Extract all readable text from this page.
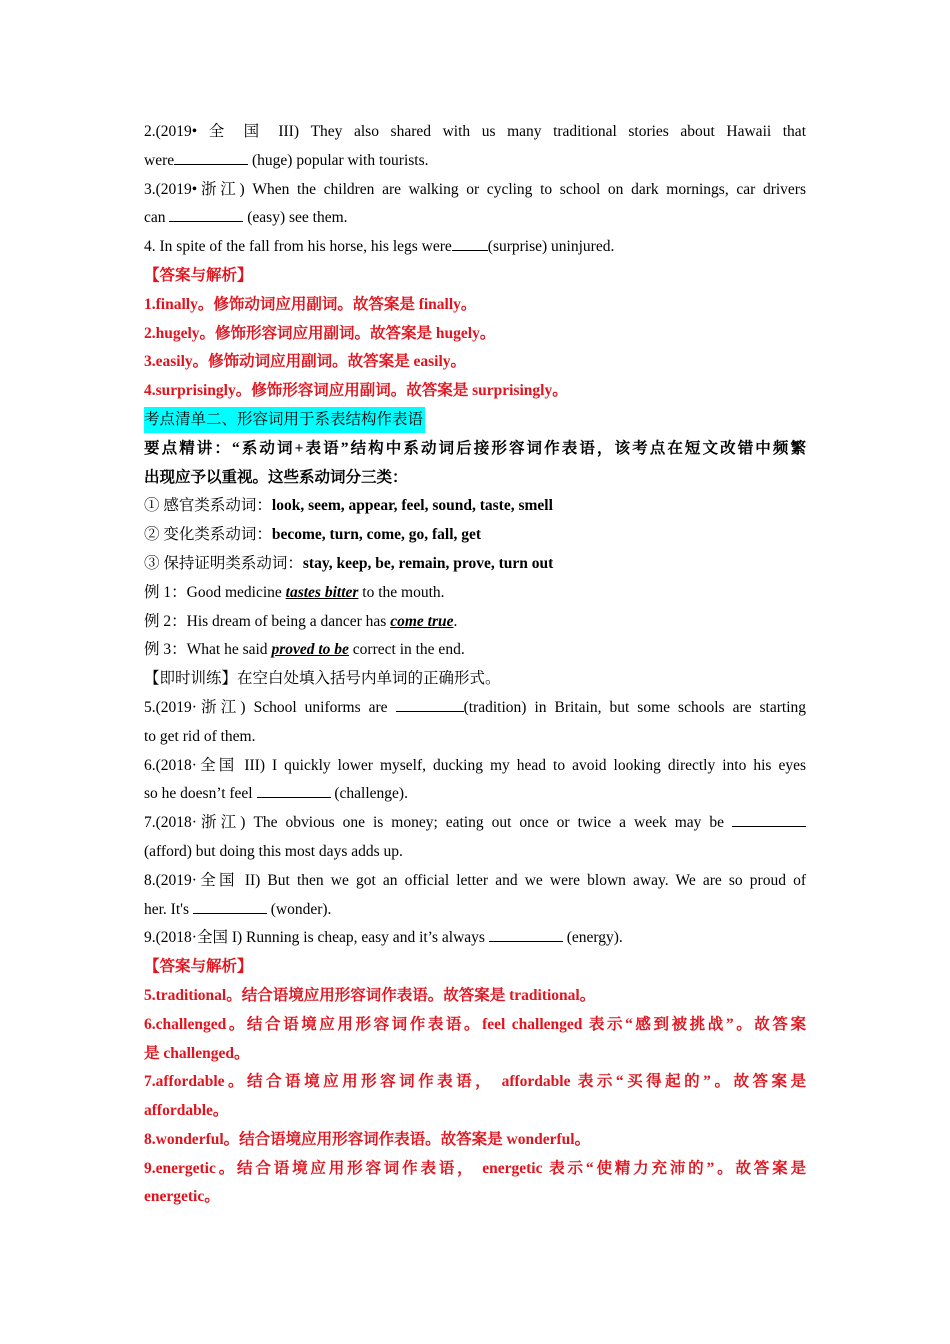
2.(2019• 全 国 III) They also shared with us many traditional stories about Hawaii that
were	(huge) popular with tourists.
3.(2019•浙江) When the children are walking or cycling to school on dark mornings, car drivers
can	(easy) see them.
4. In spite of the fall from his horse, his legs were (surprise) uninjured.
【答案与解析】
1.finally。修饰动词应用副词。故答案是 finally。
2.hugely。修饰形容词应用副词。故答案是 hugely。
3.easily。修饰动词应用副词。故答案是 easily。
4.surprisingly。修饰形容词应用副词。故答案是 surprisingly。
考点清单二、形容词用于系表结构作表语
要点精讲：“系动词+表语”结构中系动词后接形容词作表语，该考点在短文改错中频繁
出现应予以重视。这些系动词分三类：
① 感官类系动词：look, seem, appear, feel, sound, taste, smell
② 变化类系动词：become, turn, come, go, fall, get
③ 保持证明类系动词：stay, keep, be, remain, prove, turn out
例 1：Good medicine tastes bitter to the mouth.
例 2：His dream of being a dancer has come true.
例 3：What he said proved to be correct in the end.
【即时训练】在空白处填入括号内单词的正确形式。
5.(2019·浙江) School uniforms are	(tradition) in Britain, but some schools are starting
to get rid of them.
6.(2018·全国 III) I quickly lower myself, ducking my head to avoid looking directly into his eyes
so he doesn’t feel	(challenge).
7.(2018·浙江) The obvious one is money; eating out once or twice a week may be
(afford) but doing this most days adds up.
8.(2019·全国 II) But then we got an official letter and we were blown away. We are so proud of
her. It's	(wonder).
9.(2018·全国 I) Running is cheap, easy and it’s always	(energy).
【答案与解析】
5.traditional。结合语境应用形容词作表语。故答案是 traditional。
6.challenged。结合语境应用形容词作表语。feel challenged 表示“感到被挑战”。故答案
是 challenged。
7.affordable。结合语境应用形容词作表语， affordable 表示“买得起的”。故答案是
affordable。
8.wonderful。结合语境应用形容词作表语。故答案是 wonderful。
9.energetic。结合语境应用形容词作表语， energetic 表示“使精力充沛的”。故答案是
energetic。
